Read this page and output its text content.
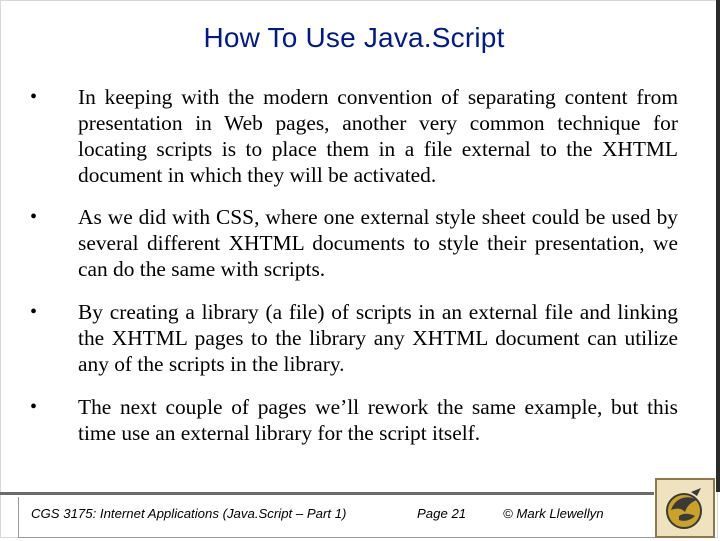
How To Use Java.Script
• In keeping with the modern convention of separating content from presentation in Web pages, another very common technique for locating scripts is to place them in a file external to the XHTML document in which they will be activated.
• As we did with CSS, where one external style sheet could be used by several different XHTML documents to style their presentation, we can do the same with scripts.
• By creating a library (a file) of scripts in an external file and linking the XHTML pages to the library any XHTML document can utilize any of the scripts in the library.
• The next couple of pages we’ll rework the same example, but this time use an external library for the script itself.
CGS 3175: Internet Applications (Java.Script – Part 1)	Page 21	© Mark Llewellyn
